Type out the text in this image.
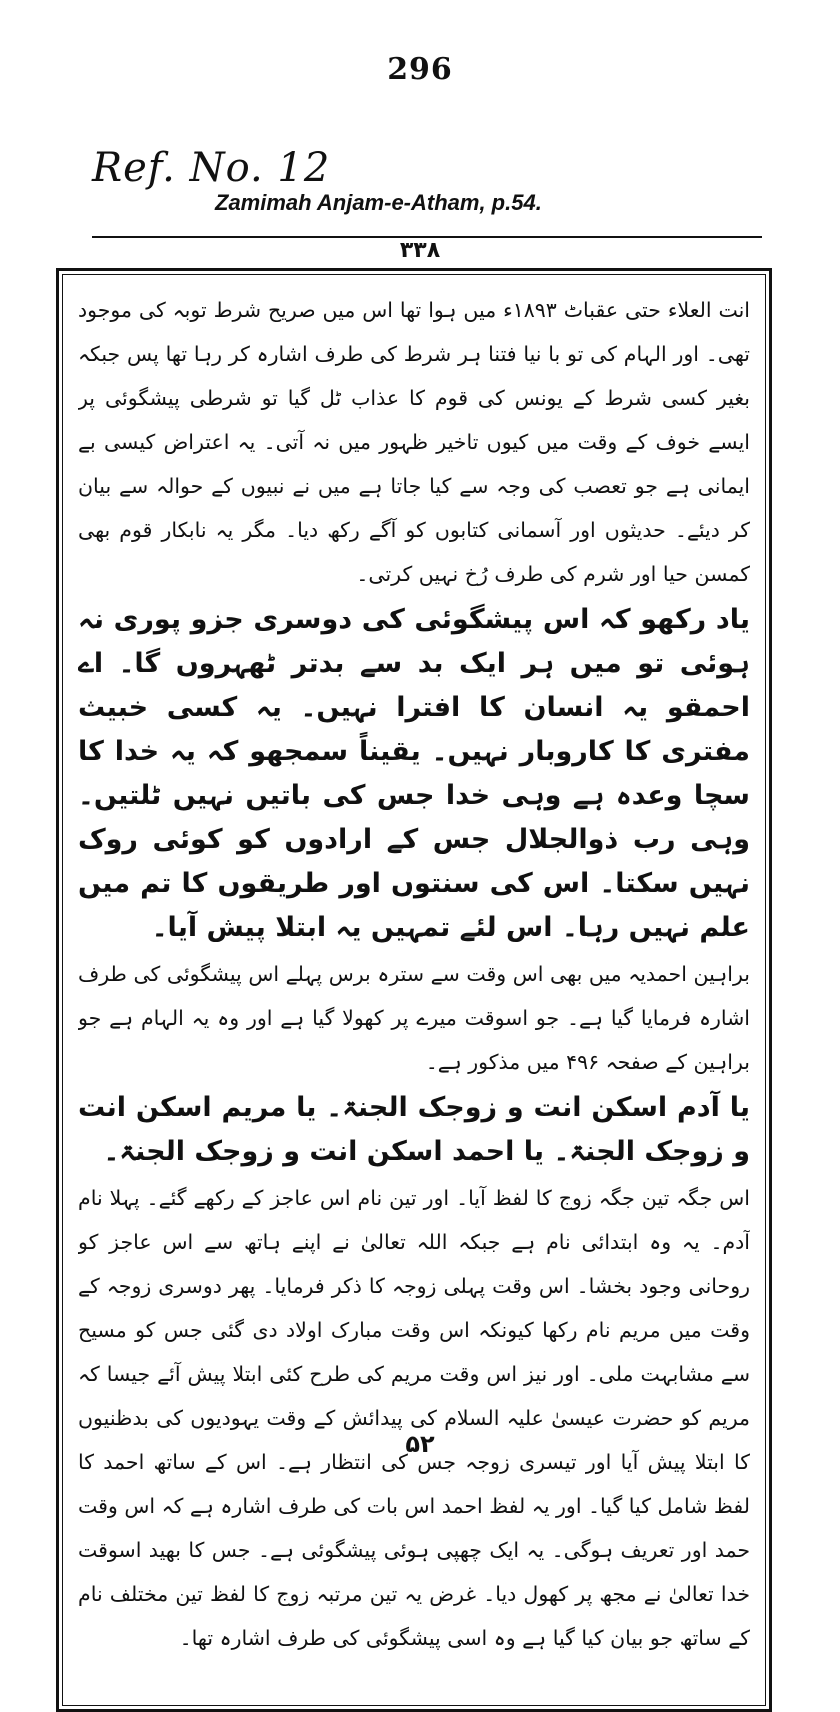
296
Ref. No. 12
Zamimah Anjam-e-Atham, p.54.
۳۳۸

انت العلاء حتی عقباٹ ۱۸۹۳ء میں ہوا تھا اس میں صریح شرط توبہ کی موجود تھی۔ اور الہام کی تو با نیا فتنا ہر شرط کی طرف اشارہ کر رہا تھا پس جبکہ بغیر کسی شرط کے یونس کی قوم کا عذاب ٹل گیا تو شرطی پیشگوئی پر ایسے خوف کے وقت میں کیوں تاخیر ظہور میں نہ آتی۔ یہ اعتراض کیسی بے ایمانی ہے جو تعصب کی وجہ سے کیا جاتا ہے میں نے نبیوں کے حوالہ سے بیان کر دیئے۔ حدیثوں اور آسمانی کتابوں کو آگے رکھ دیا۔ مگر یہ نابکار قوم بھی کمسن حیا اور شرم کی طرف رُخ نہیں کرتی۔

یاد رکھو کہ اس پیشگوئی کی دوسری جزو پوری نہ ہوئی تو میں ہر ایک بد سے بدتر ٹھہروں گا۔ اے احمقو یہ انسان کا افترا نہیں۔ یہ کسی خبیث مفتری کا کاروبار نہیں۔ یقیناً سمجھو کہ یہ خدا کا سچا وعدہ ہے وہی خدا جس کی باتیں نہیں ٹلتیں۔ وہی رب ذوالجلال جس کے ارادوں کو کوئی روک نہیں سکتا۔ اس کی سنتوں اور طریقوں کا تم میں علم نہیں رہا۔ اس لئے تمہیں یہ ابتلا پیش آیا۔

براہین احمدیہ میں بھی اس وقت سے سترہ برس پہلے اس پیشگوئی کی طرف اشارہ فرمایا گیا ہے۔ جو اسوقت میرے پر کھولا گیا ہے اور وہ یہ الہام ہے جو براہین کے صفحہ ۴۹۶ میں مذکور ہے۔

یا آدم اسکن انت و زوجک الجنۃ۔ یا مریم اسکن انت و زوجک الجنۃ۔ یا احمد اسکن انت و زوجک الجنۃ۔

اس جگہ تین جگہ زوج کا لفظ آیا۔ اور تین نام اس عاجز کے رکھے گئے۔ پہلا نام آدم۔ یہ وہ ابتدائی نام ہے جبکہ اللہ تعالیٰ نے اپنے ہاتھ سے اس عاجز کو روحانی وجود بخشا۔ اس وقت پہلی زوجہ کا ذکر فرمایا۔ پھر دوسری زوجہ کے وقت میں مریم نام رکھا کیونکہ اس وقت مبارک اولاد دی گئی جس کو مسیح سے مشابہت ملی۔ اور نیز اس وقت مریم کی طرح کئی ابتلا پیش آئے جیسا کہ مریم کو حضرت عیسیٰ علیہ السلام کی پیدائش کے وقت یہودیوں کی بدظنیوں کا ابتلا پیش آیا اور تیسری زوجہ جس کی انتظار ہے۔ اس کے ساتھ احمد کا لفظ شامل کیا گیا۔ اور یہ لفظ احمد اس بات کی طرف اشارہ ہے کہ اس وقت حمد اور تعریف ہوگی۔ یہ ایک چھپی ہوئی پیشگوئی ہے۔ جس کا بھید اسوقت خدا تعالیٰ نے مجھ پر کھول دیا۔ غرض یہ تین مرتبہ زوج کا لفظ تین مختلف نام کے ساتھ جو بیان کیا گیا ہے وہ اسی پیشگوئی کی طرف اشارہ تھا۔

۵۲
